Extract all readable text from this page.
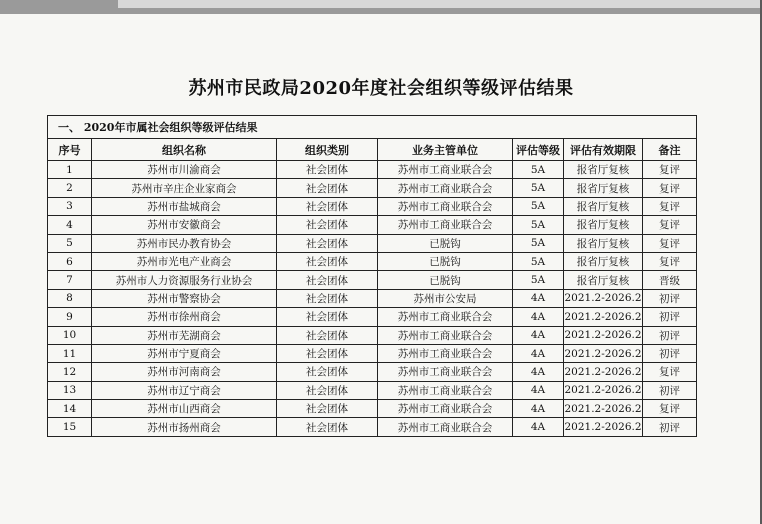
苏州市民政局2020年度社会组织等级评估结果
一、 2020年市属社会组织等级评估结果						
序号	组织名称	组织类别	业务主管单位	评估等级	评估有效期限	备注
1	苏州市川渝商会	社会团体	苏州市工商业联合会	5A	报省厅复核	复评
2	苏州市辛庄企业家商会	社会团体	苏州市工商业联合会	5A	报省厅复核	复评
3	苏州市盐城商会	社会团体	苏州市工商业联合会	5A	报省厅复核	复评
4	苏州市安徽商会	社会团体	苏州市工商业联合会	5A	报省厅复核	复评
5	苏州市民办教育协会	社会团体	已脱钩	5A	报省厅复核	复评
6	苏州市光电产业商会	社会团体	已脱钩	5A	报省厅复核	复评
7	苏州市人力资源服务行业协会	社会团体	已脱钩	5A	报省厅复核	晋级
8	苏州市警察协会	社会团体	苏州市公安局	4A	2021.2-2026.2	初评
9	苏州市徐州商会	社会团体	苏州市工商业联合会	4A	2021.2-2026.2	初评
10	苏州市芜湖商会	社会团体	苏州市工商业联合会	4A	2021.2-2026.2	初评
11	苏州市宁夏商会	社会团体	苏州市工商业联合会	4A	2021.2-2026.2	初评
12	苏州市河南商会	社会团体	苏州市工商业联合会	4A	2021.2-2026.2	复评
13	苏州市辽宁商会	社会团体	苏州市工商业联合会	4A	2021.2-2026.2	初评
14	苏州市山西商会	社会团体	苏州市工商业联合会	4A	2021.2-2026.2	复评
15	苏州市扬州商会	社会团体	苏州市工商业联合会	4A	2021.2-2026.2	初评
